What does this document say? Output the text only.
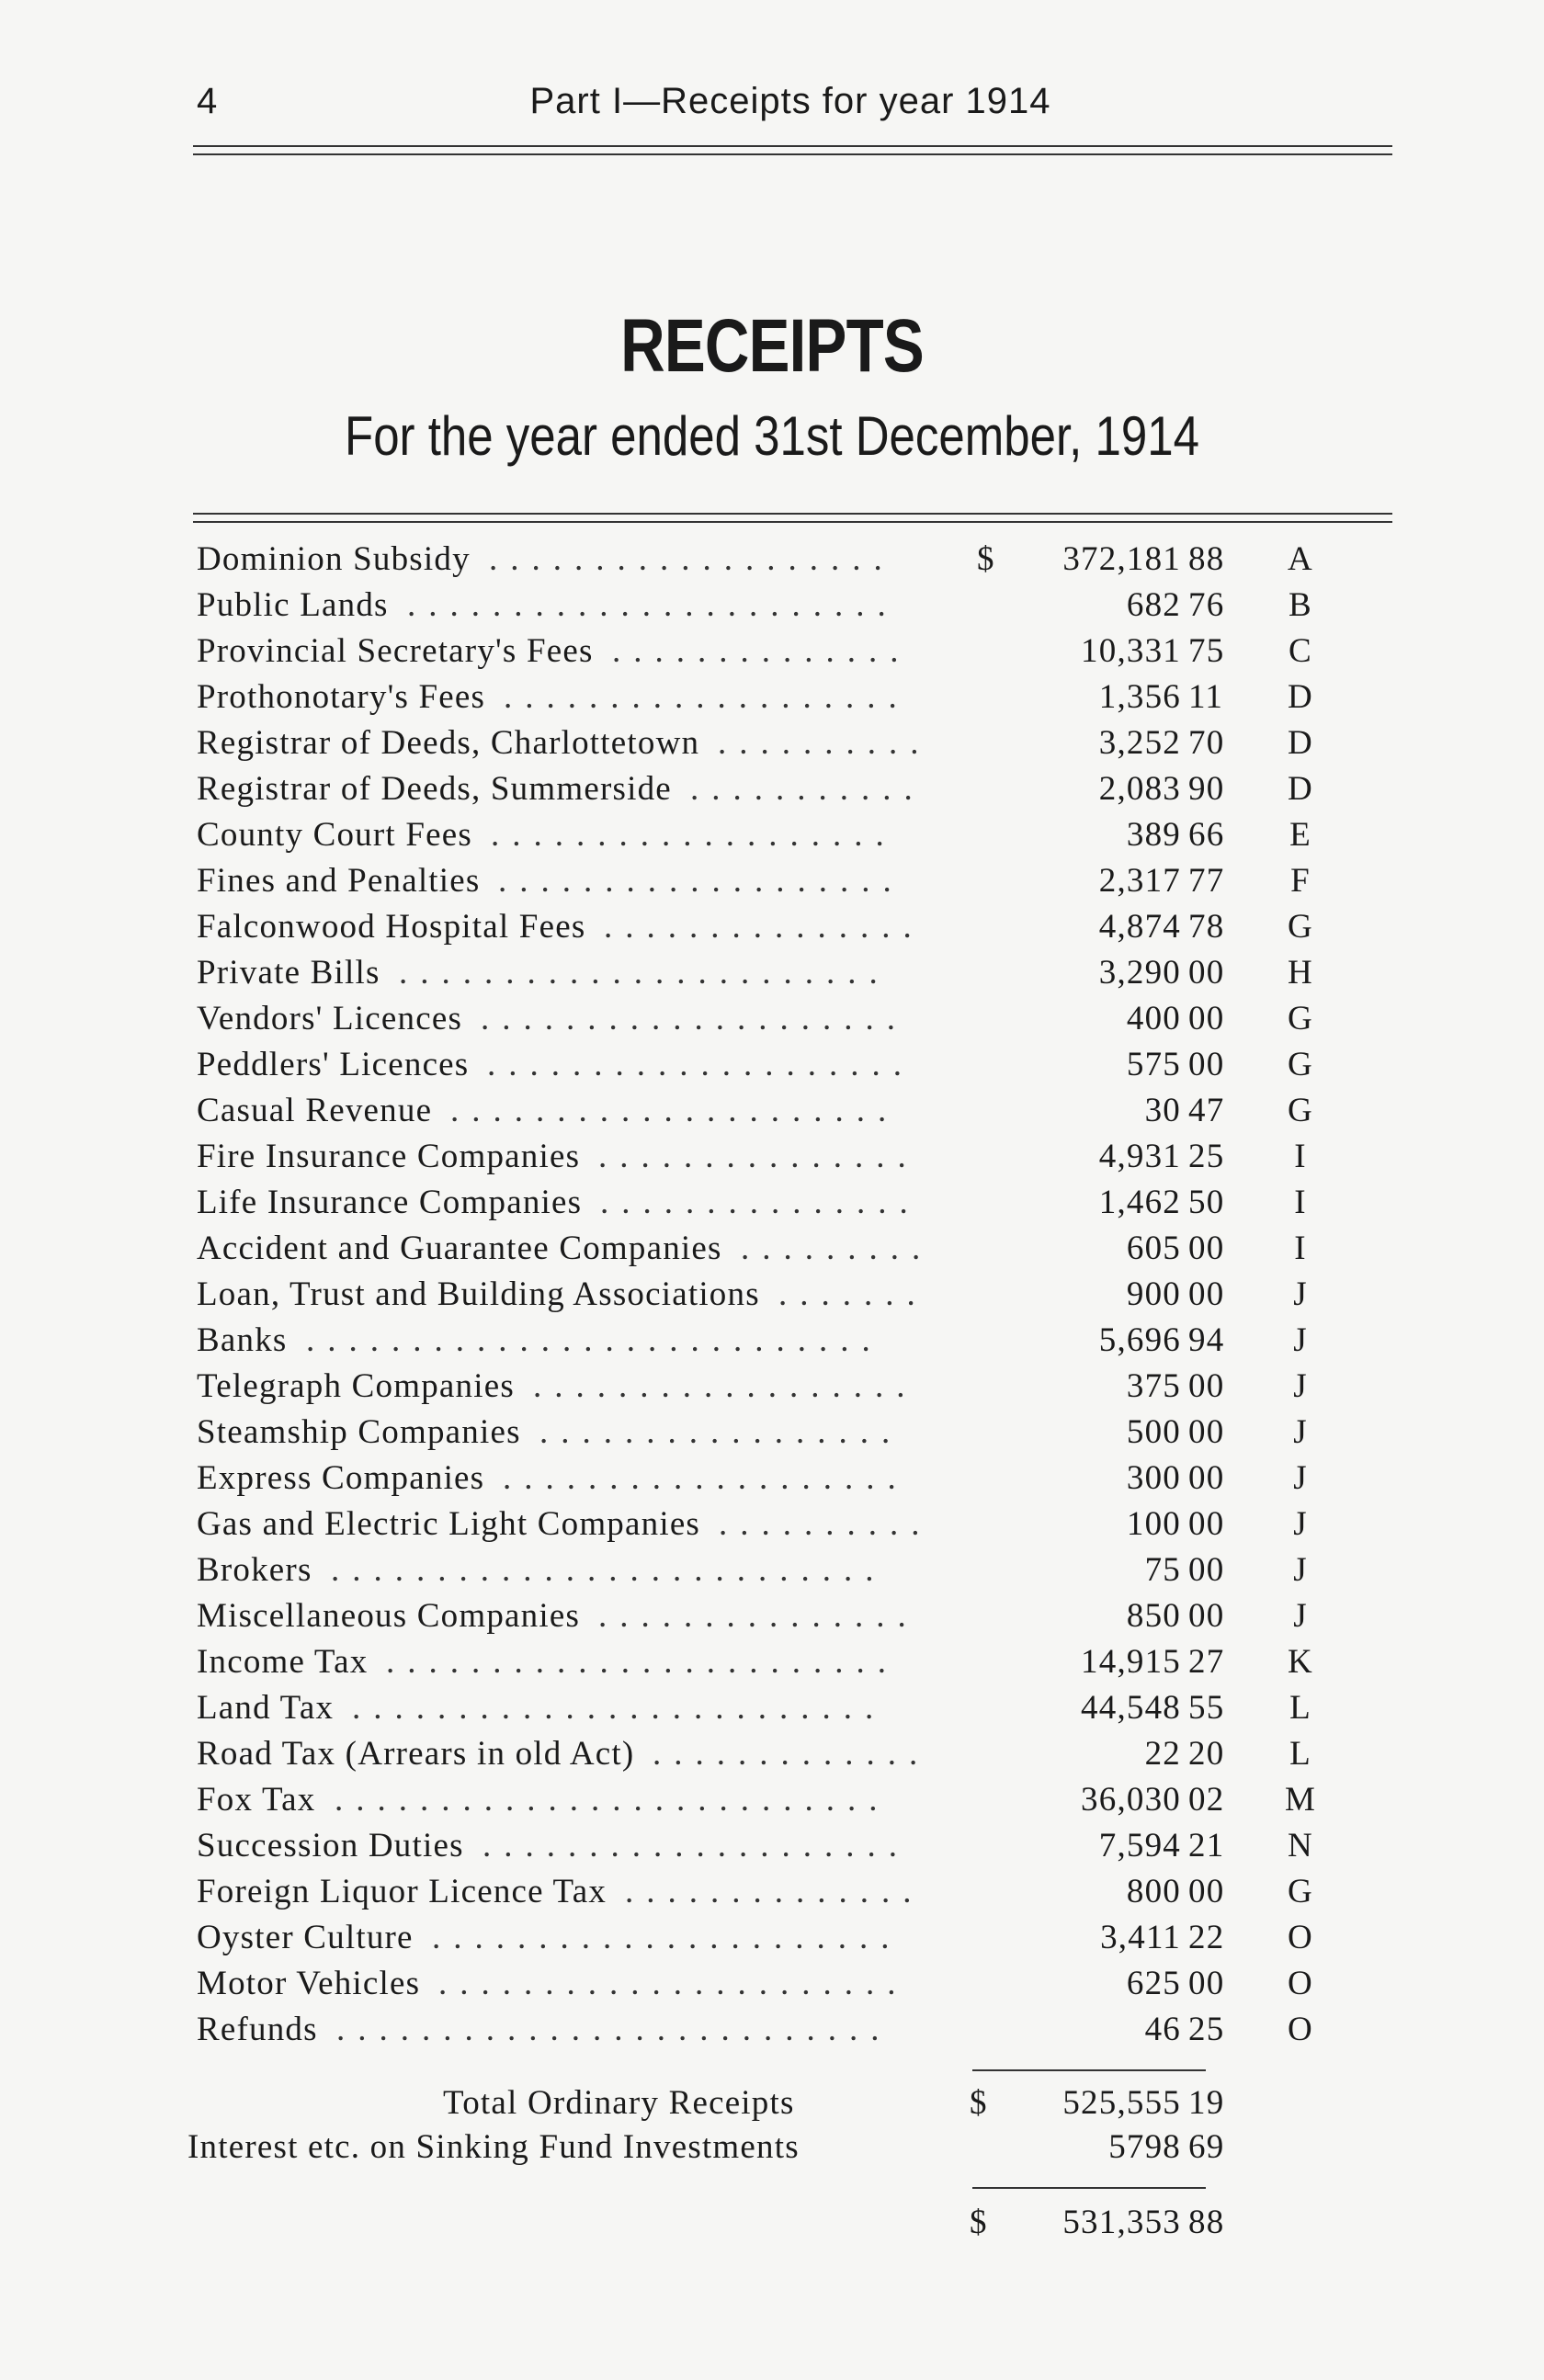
4	Part I—Receipts for year 1914
RECEIPTS
For the year ended 31st December, 1914
Dominion Subsidy ................... $ 372,181 88	A
Public Lands .......................	682 76	B
Provincial Secretary's Fees ..............	10,331 75	C
Prothonotary's Fees ...................	1,356 11	D
Registrar of Deeds, Charlottetown ..........	3,252 70	D
Registrar of Deeds, Summerside ...........	2,083 90	D
County Court Fees ...................	389 66	E
Fines and Penalties ...................	2,317 77	F
Falconwood Hospital Fees ...............	4,874 78	G
Private Bills .......................	3,290 00	H
Vendors' Licences ....................	400 00	G
Peddlers' Licences ....................	575 00	G
Casual Revenue .....................	30 47	G
Fire Insurance Companies ...............	4,931 25	I
Life Insurance Companies ...............	1,462 50	I
Accident and Guarantee Companies .........	605 00	I
Loan, Trust and Building Associations .......	900 00	J
Banks ...........................	5,696 94	J
Telegraph Companies ..................	375 00	J
Steamship Companies .................	500 00	J
Express Companies ...................	300 00	J
Gas and Electric Light Companies ..........	100 00	J
Brokers ..........................	75 00	J
Miscellaneous Companies ...............	850 00	J
Income Tax ........................	14,915 27	K
Land Tax .........................	44,548 55	L
Road Tax (Arrears in old Act) .............	22 20	L
Fox Tax ..........................	36,030 02	M
Succession Duties ....................	7,594 21	N
Foreign Liquor Licence Tax ..............	800 00	G
Oyster Culture ......................	3,411 22	O
Motor Vehicles ......................	625 00	O
Refunds ..........................	46 25	O
Total Ordinary Receipts	$ 525,555 19
Interest etc. on Sinking Fund Investments	5798 69
$ 531,353 88
